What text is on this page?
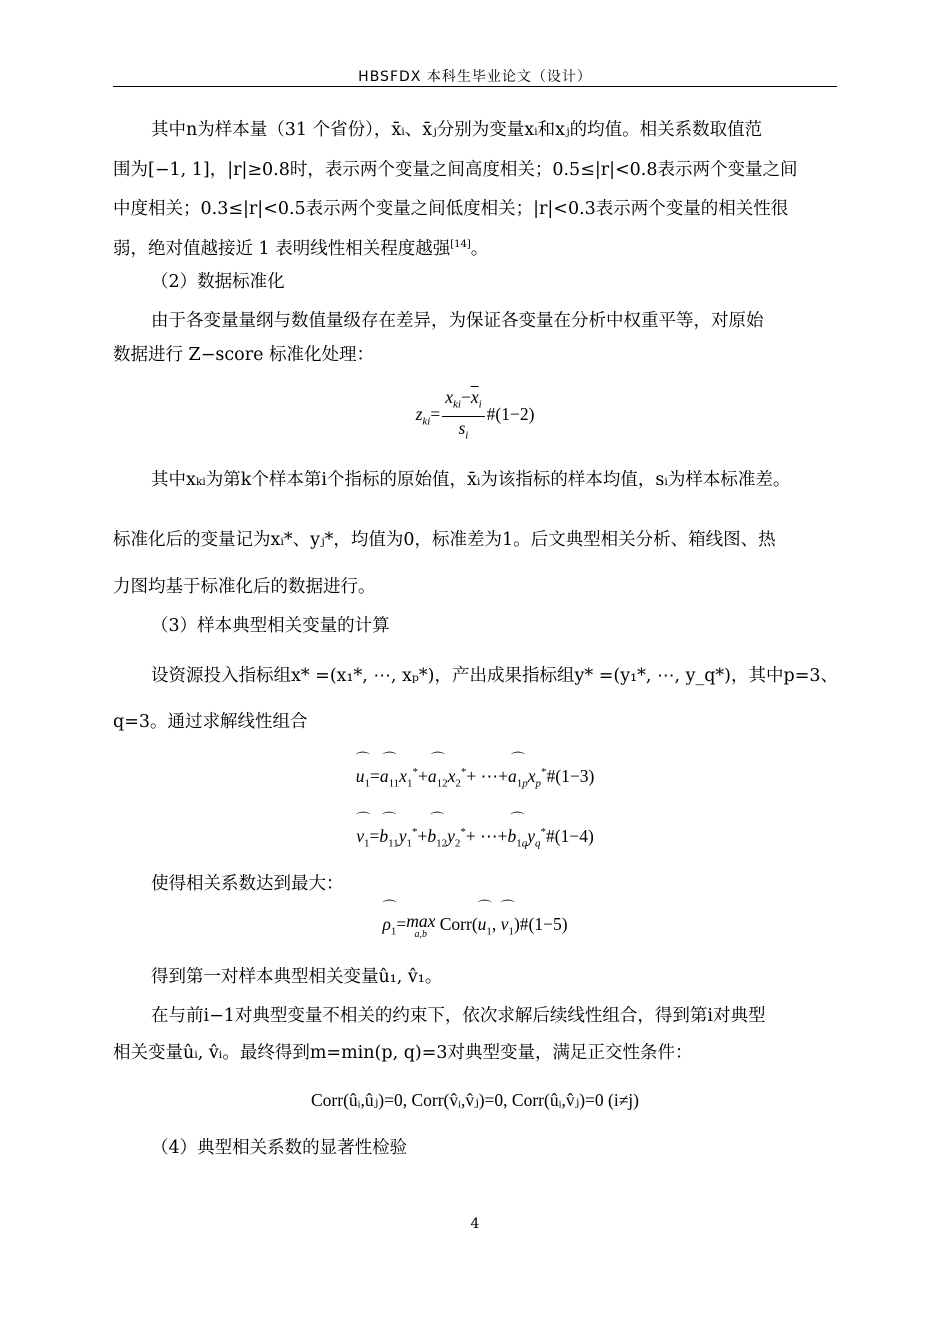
HBSFDX 本科生毕业论文（设计）
其中n为样本量（31 个省份），x̄ᵢ、x̄ⱼ分别为变量xᵢ和xⱼ的均值。相关系数取值范
围为[−1, 1]，|r|≥0.8时，表示两个变量之间高度相关；0.5≤|r|<0.8表示两个变量之间
中度相关；0.3≤|r|<0.5表示两个变量之间低度相关；|r|<0.3表示两个变量的相关性很
弱，绝对值越接近 1 表明线性相关程度越强[14]。
（2）数据标准化
由于各变量量纲与数值量级存在差异，为保证各变量在分析中权重平等，对原始
数据进行 Z−score 标准化处理：
$z_{ki}= \frac{x_{ki}-\overline{x}_i}{s_i}$ #(1−2)
其中xₖᵢ为第k个样本第i个指标的原始值，x̄ᵢ为该指标的样本均值，sᵢ为样本标准差。
标准化后的变量记为xᵢ*、yⱼ*，均值为0，标准差为1。后文典型相关分析、箱线图、热
力图均基于标准化后的数据进行。
（3）样本典型相关变量的计算
设资源投入指标组x* =(x₁*, ⋯, xₚ*)，产出成果指标组y* =(y₁*, ⋯, y_q*)，其中p=3、
q=3。通过求解线性组合
⌒ $u_1=⌒$ $a_{11}x_1^*+⌒$ $a_{12}x_2^*+$ ⋯+⌒ $a_{1p}x_p^*\#(1-3)$
⌒ $v_1=⌒$ $b_{11}y_1^*+⌒$ $b_{12}y_2^*+$ ⋯+⌒ $b_{1q}y_q^*\#(1-4)$
使得相关系数达到最大：
⌒ $\rho_1= \max$
a,b
Corr(⌒ $u_1$, ⌒ $v_1)\#(1-5)$
得到第一对样本典型相关变量û₁, v̂₁。
在与前i−1对典型变量不相关的约束下，依次求解后续线性组合，得到第i对典型
相关变量ûᵢ, v̂ᵢ。最终得到m=min(p, q)=3对典型变量，满足正交性条件：
Corr(ûᵢ,ûⱼ)=0, Corr(v̂ᵢ,v̂ⱼ)=0, Corr(ûᵢ,v̂ⱼ)=0 (i≠j)
（4）典型相关系数的显著性检验
4
